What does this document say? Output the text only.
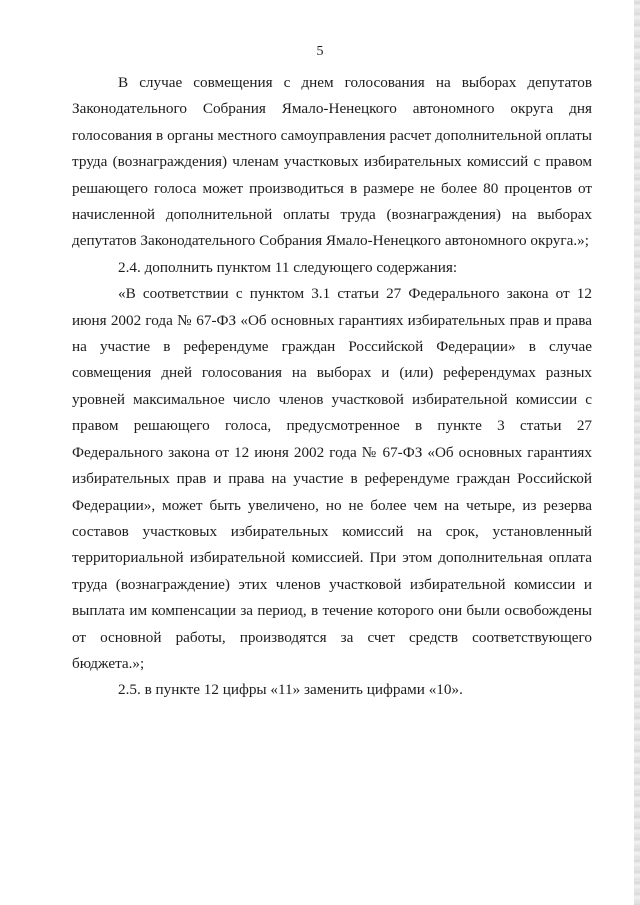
5

В случае совмещения с днем голосования на выборах депутатов Законодательного Собрания Ямало-Ненецкого автономного округа дня голосования в органы местного самоуправления расчет дополнительной оплаты труда (вознаграждения) членам участковых избирательных комиссий с правом решающего голоса может производиться в размере не более 80 процентов от начисленной дополнительной оплаты труда (вознаграждения) на выборах депутатов Законодательного Собрания Ямало-Ненецкого автономного округа.»;

2.4. дополнить пунктом 11 следующего содержания:

«В соответствии с пунктом 3.1 статьи 27 Федерального закона от 12 июня 2002 года № 67-ФЗ «Об основных гарантиях избирательных прав и права на участие в референдуме граждан Российской Федерации» в случае совмещения дней голосования на выборах и (или) референдумах разных уровней максимальное число членов участковой избирательной комиссии с правом решающего голоса, предусмотренное в пункте 3 статьи 27 Федерального закона от 12 июня 2002 года № 67-ФЗ «Об основных гарантиях избирательных прав и права на участие в референдуме граждан Российской Федерации», может быть увеличено, но не более чем на четыре, из резерва составов участковых избирательных комиссий на срок, установленный территориальной избирательной комиссией. При этом дополнительная оплата труда (вознаграждение) этих членов участковой избирательной комиссии и выплата им компенсации за период, в течение которого они были освобождены от основной работы, производятся за счет средств соответствующего бюджета.»;

2.5. в пункте 12 цифры «11» заменить цифрами «10».
